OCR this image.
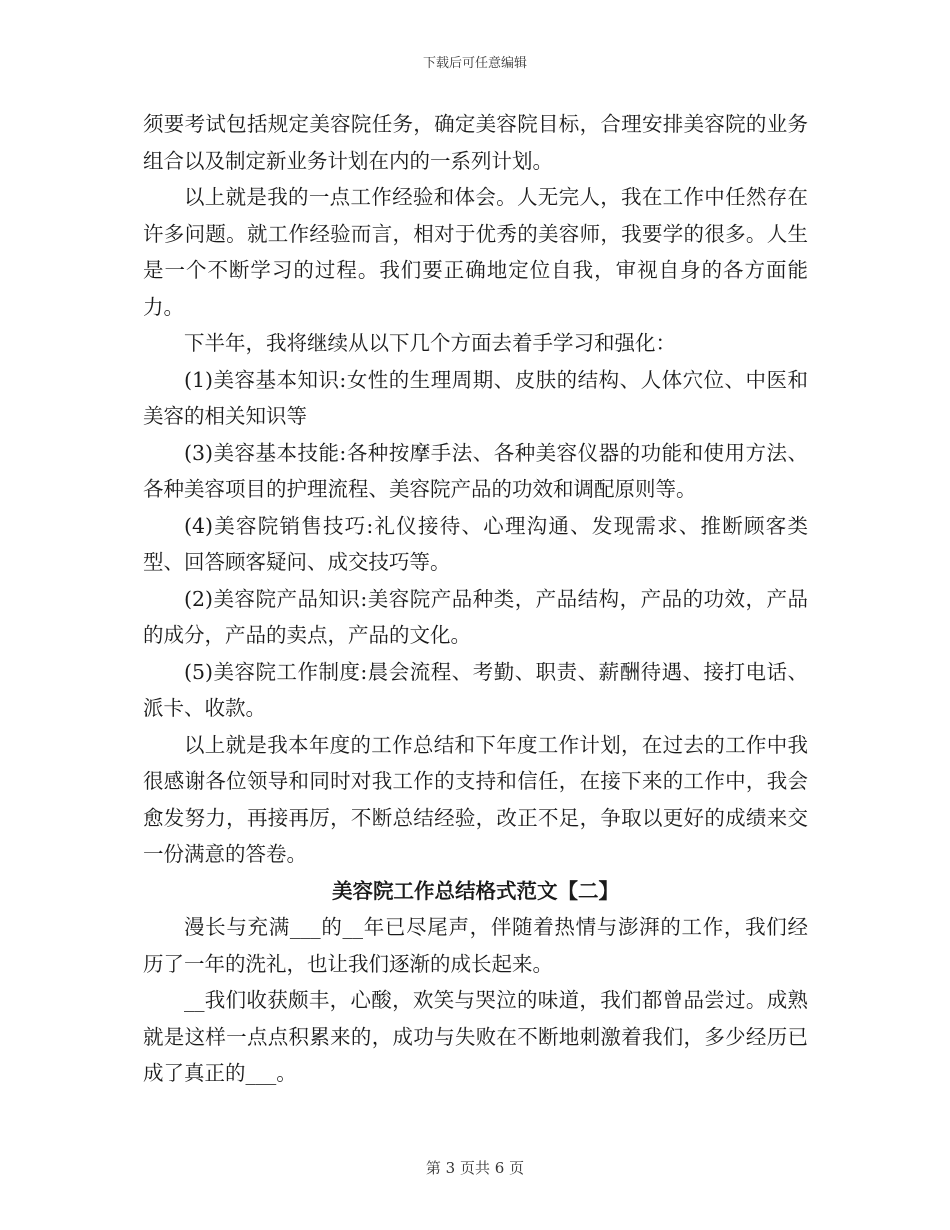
下载后可任意编辑

须要考试包括规定美容院任务，确定美容院目标，合理安排美容院的业务组合以及制定新业务计划在内的一系列计划。

以上就是我的一点工作经验和体会。人无完人，我在工作中任然存在许多问题。就工作经验而言，相对于优秀的美容师，我要学的很多。人生是一个不断学习的过程。我们要正确地定位自我，审视自身的各方面能力。

下半年，我将继续从以下几个方面去着手学习和强化：

(1)美容基本知识:女性的生理周期、皮肤的结构、人体穴位、中医和美容的相关知识等

(3)美容基本技能:各种按摩手法、各种美容仪器的功能和使用方法、各种美容项目的护理流程、美容院产品的功效和调配原则等。

(4)美容院销售技巧:礼仪接待、心理沟通、发现需求、推断顾客类型、回答顾客疑问、成交技巧等。

(2)美容院产品知识:美容院产品种类，产品结构，产品的功效，产品的成分，产品的卖点，产品的文化。

(5)美容院工作制度:晨会流程、考勤、职责、薪酬待遇、接打电话、派卡、收款。

以上就是我本年度的工作总结和下年度工作计划，在过去的工作中我很感谢各位领导和同时对我工作的支持和信任，在接下来的工作中，我会愈发努力，再接再厉，不断总结经验，改正不足，争取以更好的成绩来交一份满意的答卷。

美容院工作总结格式范文【二】

漫长与充满___的__年已尽尾声，伴随着热情与澎湃的工作，我们经历了一年的洗礼，也让我们逐渐的成长起来。

__我们收获颇丰，心酸，欢笑与哭泣的味道，我们都曾品尝过。成熟就是这样一点点积累来的，成功与失败在不断地刺激着我们，多少经历已成了真正的___。

第 3 页共 6 页
